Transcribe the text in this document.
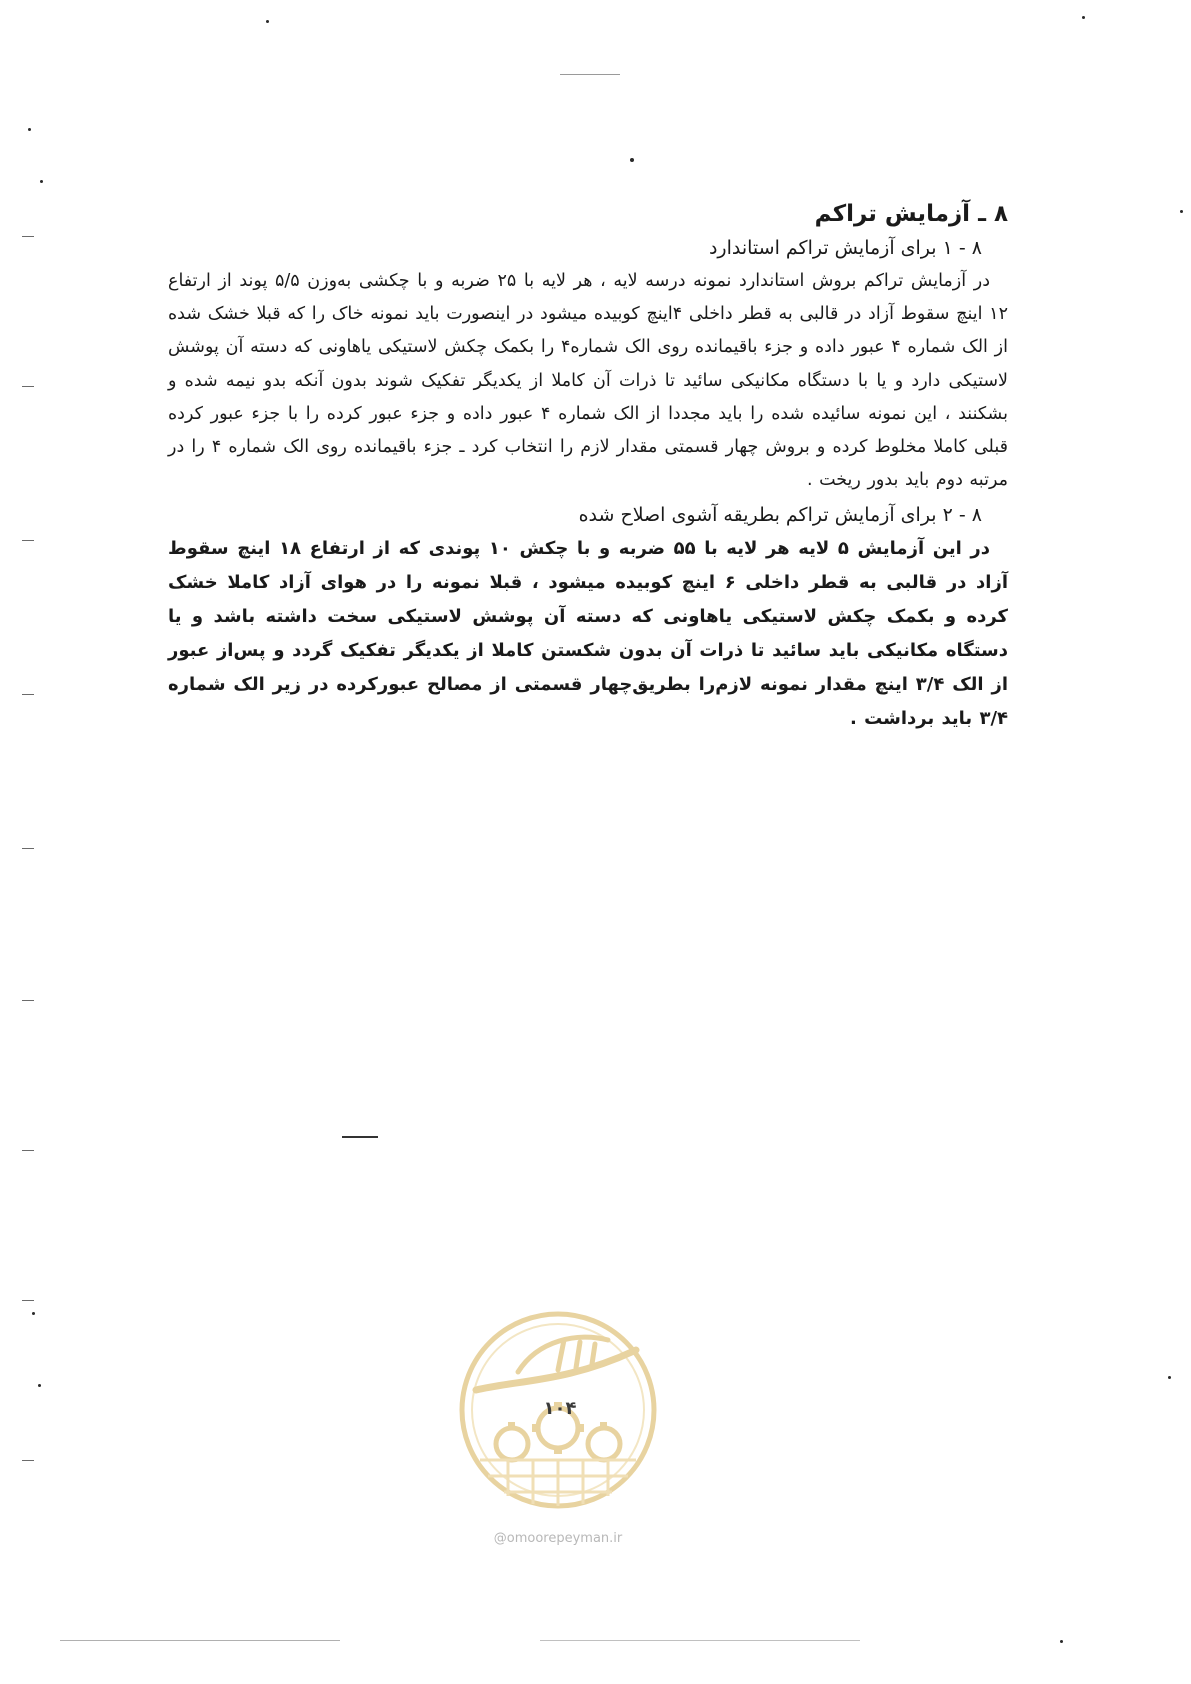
۸ ـ آزمایش تراکم

۸ - ۱ برای آزمایش تراکم استاندارد

در آزمایش تراکم بروش استاندارد نمونه درسه لایه ، هر لایه با ۲۵ ضربه و با چکشی به‌وزن ۵/۵ پوند از ارتفاع ۱۲ اینچ سقوط آزاد در قالبی به قطر داخلی ۴اینچ کوبیده میشود در اینصورت باید نمونه خاک را که قبلا خشک شده از الک شماره ۴ عبور داده و جزء باقیمانده روی الک شماره۴ را بکمک چکش لاستیکی یاهاونی که دسته آن پوشش لاستیکی دارد و یا با دستگاه مکانیکی سائید تا ذرات آن کاملا از یکدیگر تفکیک شوند بدون آنکه بدو نیمه شده و بشکنند ، این نمونه سائیده شده را باید مجددا از الک شماره ۴ عبور داده و جزء عبور کرده را با جزء عبور کرده قبلی کاملا مخلوط کرده و بروش چهار قسمتی مقدار لازم را انتخاب کرد ـ جزء باقیمانده روی الک شماره ۴ را در مرتبه دوم باید بدور ریخت .

۸ - ۲ برای آزمایش تراکم بطریقه آشوی اصلاح شده

در این آزمایش ۵ لایه هر لایه با ۵۵ ضربه و با چکش ۱۰ پوندی که از ارتفاع ۱۸ اینچ سقوط آزاد در قالبی به قطر داخلی ۶ اینچ کوبیده میشود ، قبلا نمونه را در هوای آزاد کاملا خشک کرده و بکمک چکش لاستیکی یاهاونی که دسته آن پوشش لاستیکی سخت داشته باشد و یا دستگاه مکانیکی باید سائید تا ذرات آن بدون شکستن کاملا از یکدیگر تفکیک گردد و پس‌از عبور از الک ۳/۴ اینچ مقدار نمونه لازم‌را بطریق‌چهار قسمتی از مصالح عبورکرده در زیر الک شماره ۳/۴ باید برداشت .

۱۰۴
@omoorepeyman.ir
